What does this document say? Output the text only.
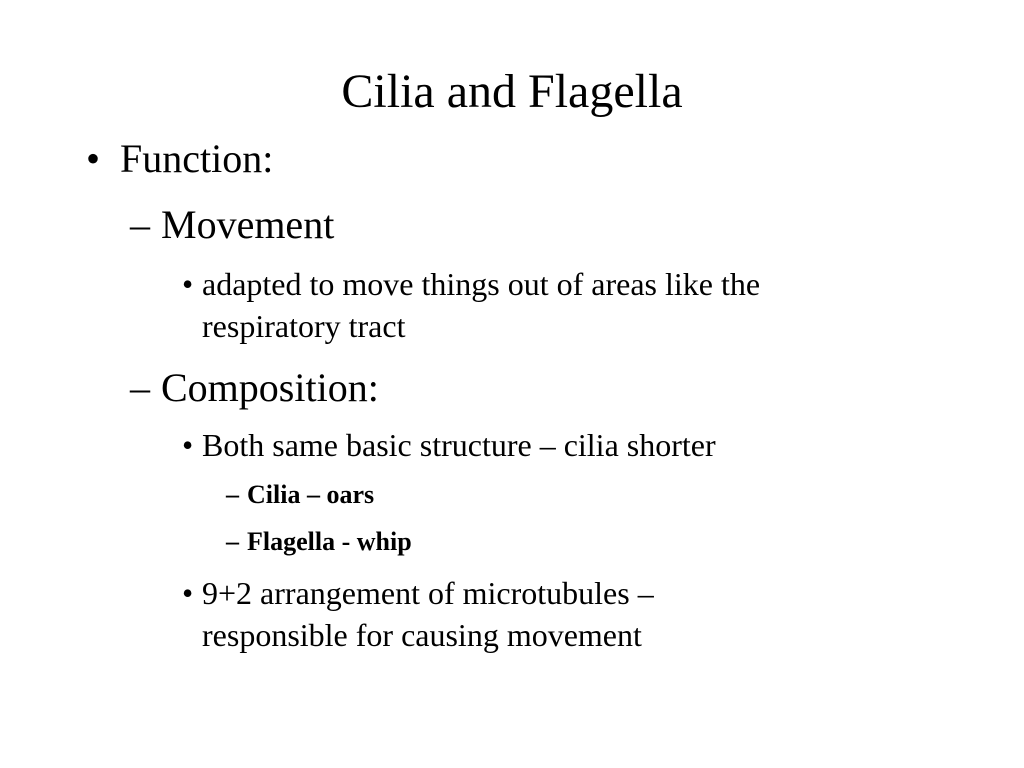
Cilia and Flagella
• Function:
– Movement
• adapted to move things out of areas like the
respiratory tract
– Composition:
• Both same basic structure – cilia shorter
– Cilia – oars
– Flagella - whip
• 9+2 arrangement of microtubules –
responsible for causing movement
